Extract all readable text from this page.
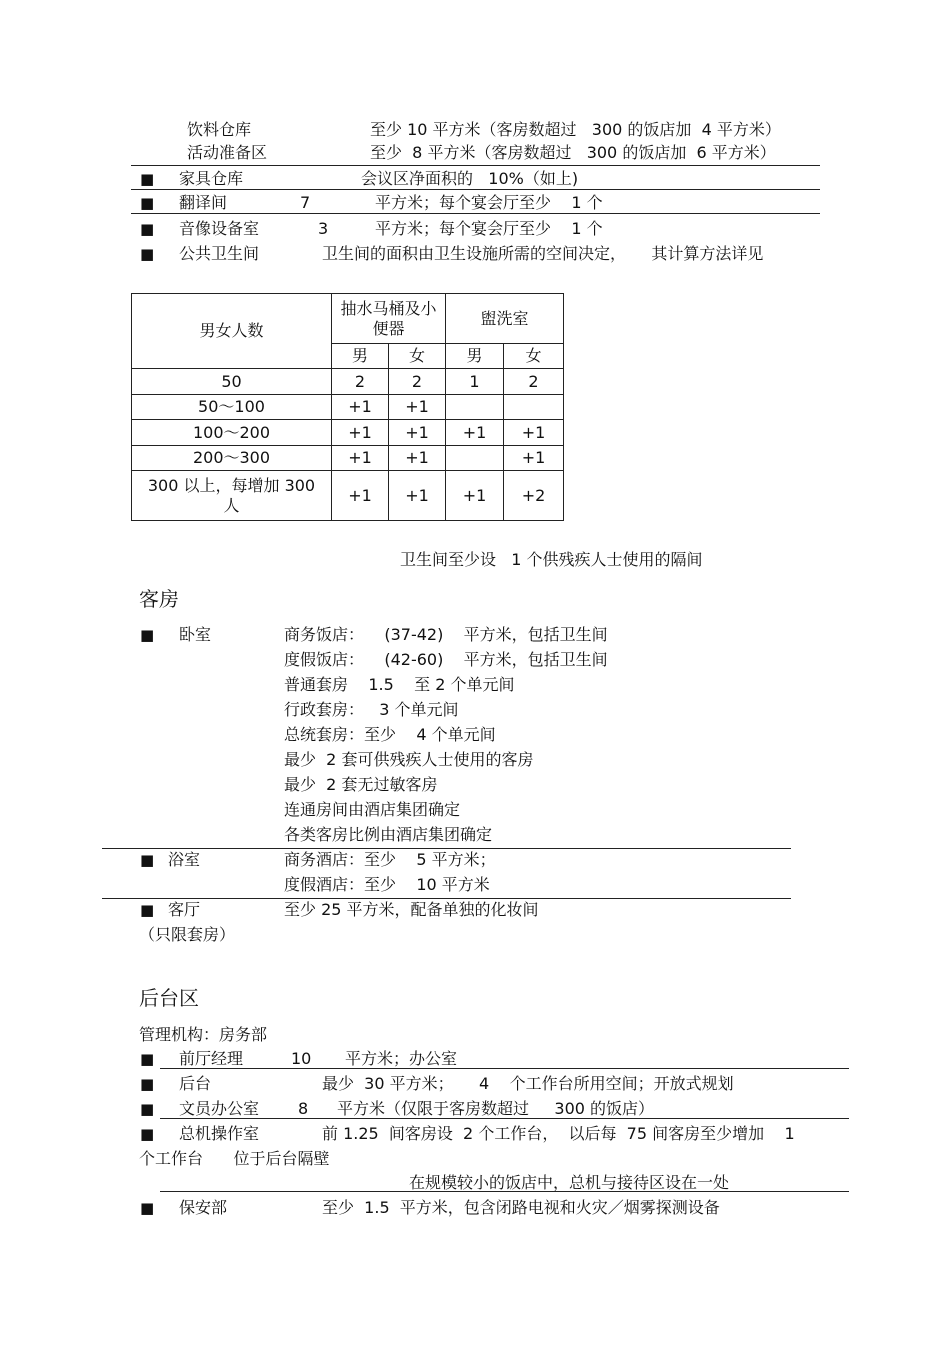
饮料仓库	至少 10 平方米（客房数超过   300 的饭店加  4 平方米）
活动准备区	至少  8 平方米（客房数超过   300 的饭店加  6 平方米）
■ 家具仓库	会议区净面积的   10%（如上)
■ 翻译间	7	平方米；每个宴会厅至少    1 个
■ 音像设备室	3	平方米；每个宴会厅至少    1 个
■ 公共卫生间	卫生间的面积由卫生设施所需的空间决定，     其计算方法详见
男女人数	抽水马桶及小便器		盥洗室	
	男	女	男	女
50	2	2	1	2
50～100	+1	+1		
100～200	+1	+1	+1	+1
200～300	+1	+1		+1
300 以上，每增加 300 人	+1	+1	+1	+2
卫生间至少设   1 个供残疾人士使用的隔间
客房
■ 卧室	商务饭店：    (37-42)    平方米，包括卫生间
度假饭店：    (42-60)    平方米，包括卫生间
普通套房    1.5    至 2 个单元间
行政套房：   3 个单元间
总统套房：至少    4 个单元间
最少  2 套可供残疾人士使用的客房
最少  2 套无过敏客房
连通房间由酒店集团确定
各类客房比例由酒店集团确定
■ 浴室	商务酒店：至少    5 平方米；
度假酒店：至少    10 平方米
■ 客厅	至少 25 平方米，配备单独的化妆间
（只限套房）
后台区
管理机构：房务部
■ 前厅经理	10 平方米；办公室
■ 后台	最少  30 平方米；     4    个工作台所用空间；开放式规划
■ 文员办公室 8 平方米（仅限于客房数超过     300 的饭店）
■ 总机操作室	前 1.25  间客房设  2 个工作台，  以后每  75 间客房至少增加    1
个工作台      位于后台隔壁
在规模较小的饭店中，总机与接待区设在一处
■ 保安部	至少  1.5  平方米，包含闭路电视和火灾／烟雾探测设备
